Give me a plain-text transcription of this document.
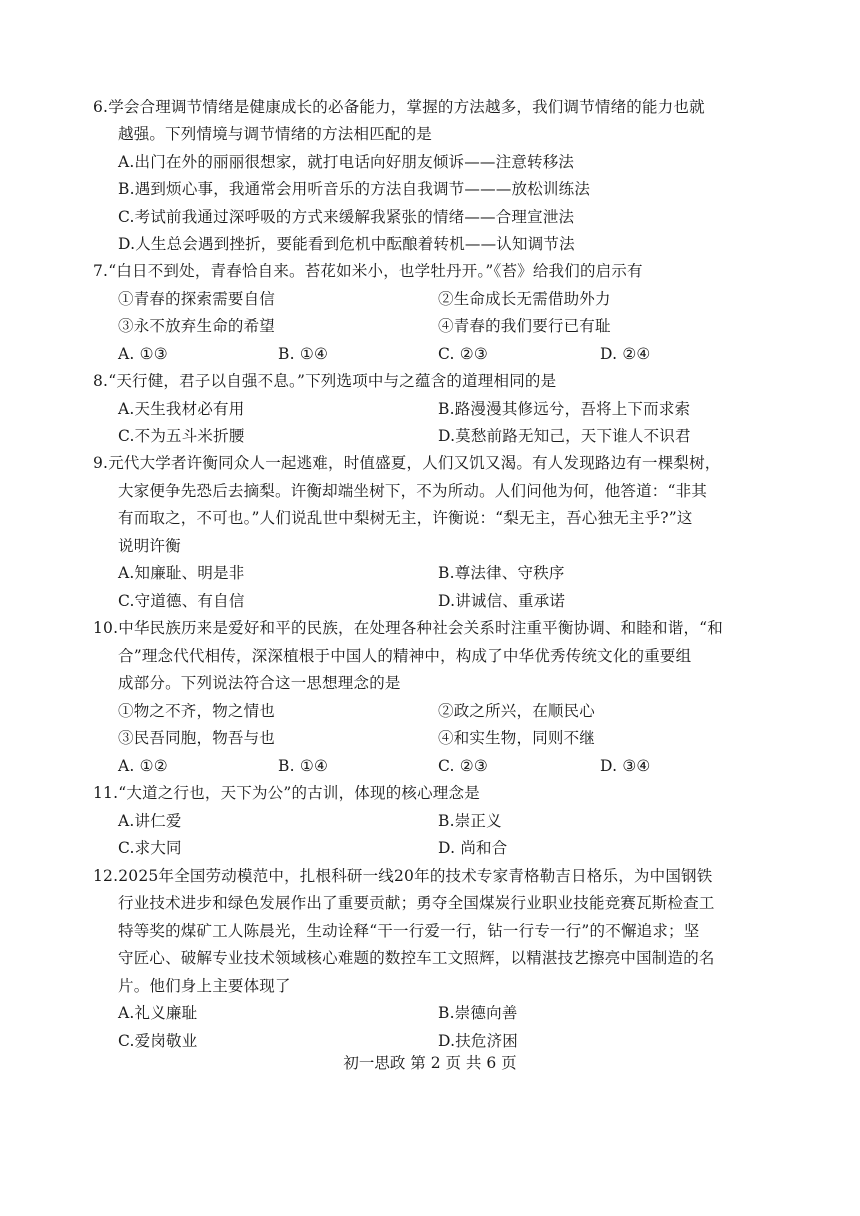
6.学会合理调节情绪是健康成长的必备能力，掌握的方法越多，我们调节情绪的能力也就
越强。下列情境与调节情绪的方法相匹配的是
A.出门在外的丽丽很想家，就打电话向好朋友倾诉——注意转移法
B.遇到烦心事，我通常会用听音乐的方法自我调节———放松训练法
C.考试前我通过深呼吸的方式来缓解我紧张的情绪——合理宣泄法
D.人生总会遇到挫折，要能看到危机中酝酿着转机——认知调节法
7.“白日不到处，青春恰自来。苔花如米小，也学牡丹开。”《苔》给我们的启示有
①青春的探索需要自信	②生命成长无需借助外力
③永不放弃生命的希望	④青春的我们要行已有耻
A. ①③	B. ①④	C. ②③	D. ②④
8.“天行健，君子以自强不息。”下列选项中与之蕴含的道理相同的是
A.天生我材必有用	B.路漫漫其修远兮，吾将上下而求索
C.不为五斗米折腰	D.莫愁前路无知己，天下谁人不识君
9.元代大学者许衡同众人一起逃难，时值盛夏，人们又饥又渴。有人发现路边有一棵梨树，
大家便争先恐后去摘梨。许衡却端坐树下，不为所动。人们问他为何，他答道：“非其
有而取之，不可也。”人们说乱世中梨树无主，许衡说：“梨无主，吾心独无主乎?”这
说明许衡
A.知廉耻、明是非	B.尊法律、守秩序
C.守道德、有自信	D.讲诚信、重承诺
10.中华民族历来是爱好和平的民族，在处理各种社会关系时注重平衡协调、和睦和谐，“和
合”理念代代相传，深深植根于中国人的精神中，构成了中华优秀传统文化的重要组
成部分。下列说法符合这一思想理念的是
①物之不齐，物之情也	②政之所兴，在顺民心
③民吾同胞，物吾与也	④和实生物，同则不继
A. ①②	B. ①④	C. ②③	D. ③④
11.“大道之行也，天下为公”的古训，体现的核心理念是
A.讲仁爱	B.崇正义
C.求大同	D. 尚和合
12.2025年全国劳动模范中，扎根科研一线20年的技术专家青格勒吉日格乐，为中国钢铁
行业技术进步和绿色发展作出了重要贡献；勇夺全国煤炭行业职业技能竞赛瓦斯检查工
特等奖的煤矿工人陈晨光，生动诠释“干一行爱一行，钻一行专一行”的不懈追求；坚
守匠心、破解专业技术领域核心难题的数控车工文照辉，以精湛技艺擦亮中国制造的名
片。他们身上主要体现了
A.礼义廉耻	B.崇德向善
C.爱岗敬业	D.扶危济困
初一思政 第 2 页 共 6 页
